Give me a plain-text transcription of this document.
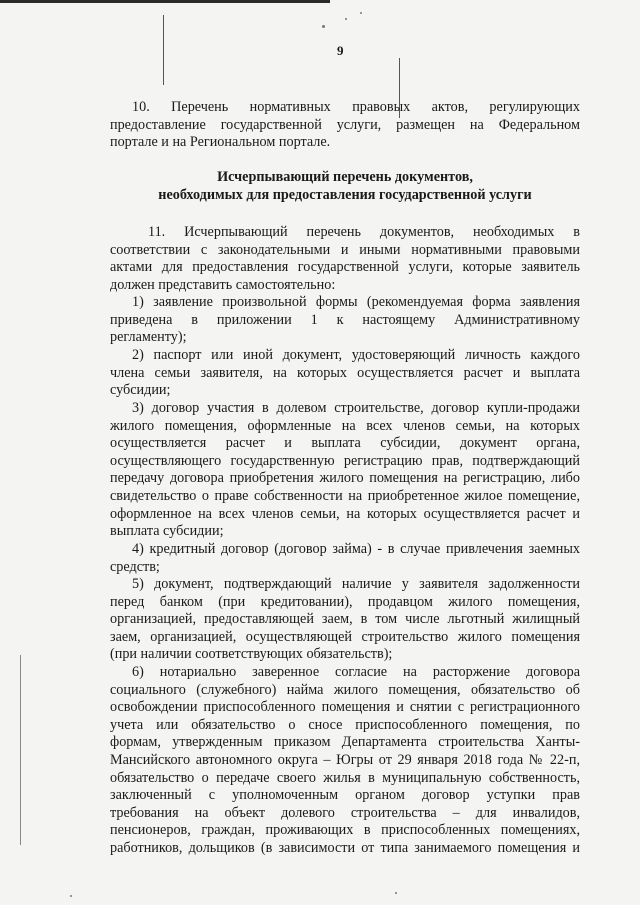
9
10. Перечень нормативных правовых актов, регулирующих
предоставление государственной услуги, размещен на Федеральном
портале и на Региональном портале.
Исчерпывающий перечень документов,
необходимых для предоставления государственной услуги
11. Исчерпывающий перечень документов, необходимых в
соответствии с законодательными и иными нормативными правовыми
актами для предоставления государственной услуги, которые заявитель
должен представить самостоятельно:
1) заявление произвольной формы (рекомендуемая форма заявления
приведена в приложении 1 к настоящему Административному
регламенту);
2) паспорт или иной документ, удостоверяющий личность каждого
члена семьи заявителя, на которых осуществляется расчет и выплата
субсидии;
3) договор участия в долевом строительстве, договор купли-продажи
жилого помещения, оформленные на всех членов семьи, на которых
осуществляется расчет и выплата субсидии, документ органа,
осуществляющего государственную регистрацию прав, подтверждающий
передачу договора приобретения жилого помещения на регистрацию, либо
свидетельство о праве собственности на приобретенное жилое помещение,
оформленное на всех членов семьи, на которых осуществляется расчет и
выплата субсидии;
4) кредитный договор (договор займа) - в случае привлечения заемных
средств;
5) документ, подтверждающий наличие у заявителя задолженности
перед банком (при кредитовании), продавцом жилого помещения,
организацией, предоставляющей заем, в том числе льготный жилищный
заем, организацией, осуществляющей строительство жилого помещения
(при наличии соответствующих обязательств);
6) нотариально заверенное согласие на расторжение договора
социального (служебного) найма жилого помещения, обязательство об
освобождении приспособленного помещения и снятии с регистрационного
учета или обязательство о сносе приспособленного помещения, по
формам, утвержденным приказом Департамента строительства Ханты-
Мансийского автономного округа – Югры от 29 января 2018 года № 22-п,
обязательство о передаче своего жилья в муниципальную собственность,
заключенный с уполномоченным органом договор уступки прав
требования на объект долевого строительства – для инвалидов,
пенсионеров, граждан, проживающих в приспособленных помещениях,
работников, дольщиков (в зависимости от типа занимаемого помещения и
